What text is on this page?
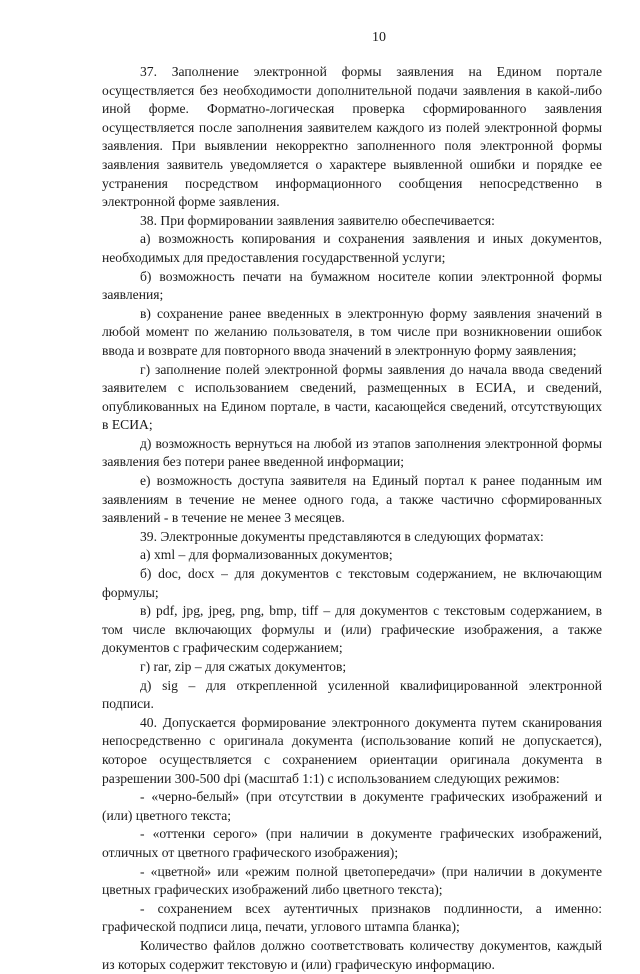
10

37. Заполнение электронной формы заявления на Едином портале осуществляется без необходимости дополнительной подачи заявления в какой-либо иной форме. Форматно-логическая проверка сформированного заявления осуществляется после заполнения заявителем каждого из полей электронной формы заявления. При выявлении некорректно заполненного поля электронной формы заявления заявитель уведомляется о характере выявленной ошибки и порядке ее устранения посредством информационного сообщения непосредственно в электронной форме заявления.

38. При формировании заявления заявителю обеспечивается:

а) возможность копирования и сохранения заявления и иных документов, необходимых для предоставления государственной услуги;

б) возможность печати на бумажном носителе копии электронной формы заявления;

в) сохранение ранее введенных в электронную форму заявления значений в любой момент по желанию пользователя, в том числе при возникновении ошибок ввода и возврате для повторного ввода значений в электронную форму заявления;

г) заполнение полей электронной формы заявления до начала ввода сведений заявителем с использованием сведений, размещенных в ЕСИА, и сведений, опубликованных на Едином портале, в части, касающейся сведений, отсутствующих в ЕСИА;

д) возможность вернуться на любой из этапов заполнения электронной формы заявления без потери ранее введенной информации;

е) возможность доступа заявителя на Единый портал к ранее поданным им заявлениям в течение не менее одного года, а также частично сформированных заявлений - в течение не менее 3 месяцев.

39. Электронные документы представляются в следующих форматах:

а) xml – для формализованных документов;

б) doc, docx – для документов с текстовым содержанием, не включающим формулы;

в) pdf, jpg, jpeg, png, bmp, tiff – для документов с текстовым содержанием, в том числе включающих формулы и (или) графические изображения, а также документов с графическим содержанием;

г) rar, zip – для сжатых документов;

д) sig – для открепленной усиленной квалифицированной электронной подписи.

40. Допускается формирование электронного документа путем сканирования непосредственно с оригинала документа (использование копий не допускается), которое осуществляется с сохранением ориентации оригинала документа в разрешении 300-500 dpi (масштаб 1:1) с использованием следующих режимов:

- «черно-белый» (при отсутствии в документе графических изображений и (или) цветного текста;

- «оттенки серого» (при наличии в документе графических изображений, отличных от цветного графического изображения);

- «цветной» или «режим полной цветопередачи» (при наличии в документе цветных графических изображений либо цветного текста);

- сохранением всех аутентичных признаков подлинности, а именно: графической подписи лица, печати, углового штампа бланка);

Количество файлов должно соответствовать количеству документов, каждый из которых содержит текстовую и (или) графическую информацию.
